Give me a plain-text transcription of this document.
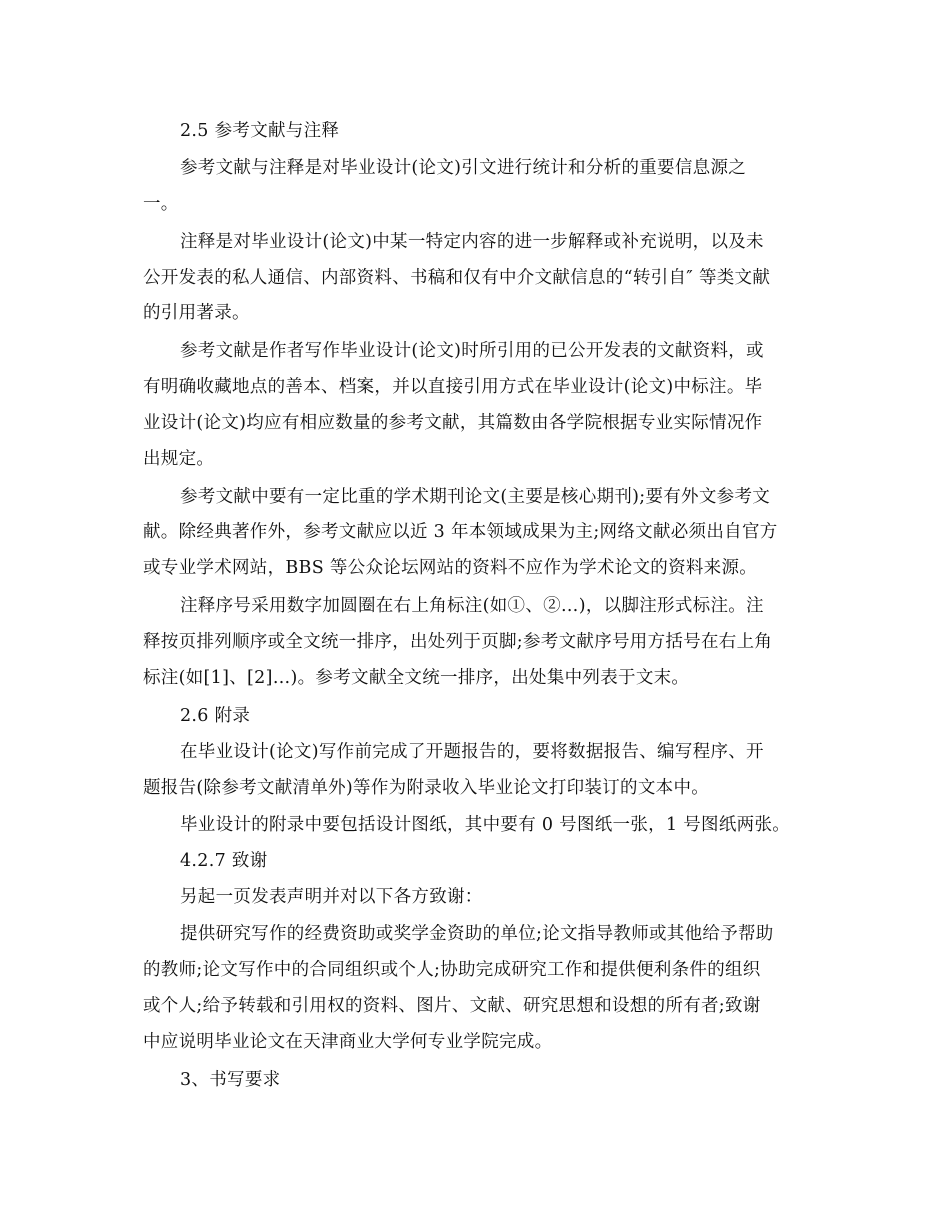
2.5 参考文献与注释
参考文献与注释是对毕业设计(论文)引文进行统计和分析的重要信息源之
一。
注释是对毕业设计(论文)中某一特定内容的进一步解释或补充说明，以及未
公开发表的私人通信、内部资料、书稿和仅有中介文献信息的“转引自″ 等类文献
的引用著录。
参考文献是作者写作毕业设计(论文)时所引用的已公开发表的文献资料，或
有明确收藏地点的善本、档案，并以直接引用方式在毕业设计(论文)中标注。毕
业设计(论文)均应有相应数量的参考文献，其篇数由各学院根据专业实际情况作
出规定。
参考文献中要有一定比重的学术期刊论文(主要是核心期刊);要有外文参考文
献。除经典著作外，参考文献应以近 3 年本领域成果为主;网络文献必须出自官方
或专业学术网站，BBS 等公众论坛网站的资料不应作为学术论文的资料来源。
注释序号采用数字加圆圈在右上角标注(如①、②…)，以脚注形式标注。注
释按页排列顺序或全文统一排序，出处列于页脚;参考文献序号用方括号在右上角
标注(如[1]、[2]…)。参考文献全文统一排序，出处集中列表于文末。
2.6 附录
在毕业设计(论文)写作前完成了开题报告的，要将数据报告、编写程序、开
题报告(除参考文献清单外)等作为附录收入毕业论文打印装订的文本中。
毕业设计的附录中要包括设计图纸，其中要有 0 号图纸一张，1 号图纸两张。
4.2.7 致谢
另起一页发表声明并对以下各方致谢：
提供研究写作的经费资助或奖学金资助的单位;论文指导教师或其他给予帮助
的教师;论文写作中的合同组织或个人;协助完成研究工作和提供便利条件的组织
或个人;给予转载和引用权的资料、图片、文献、研究思想和设想的所有者;致谢
中应说明毕业论文在天津商业大学何专业学院完成。
3、书写要求
